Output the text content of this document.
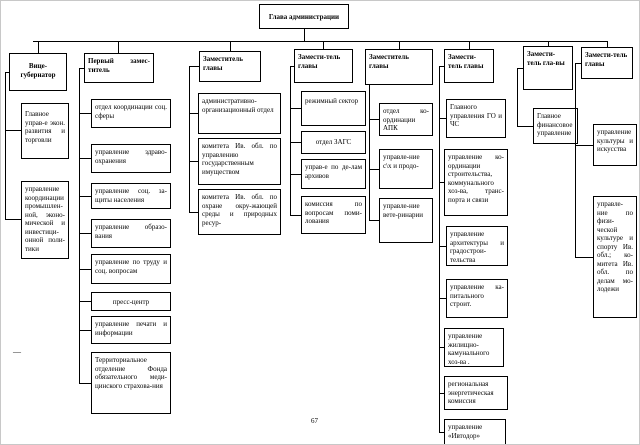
Глава администрации
Вице-губернатор
Главное управ-е экон. развития и торговли
управление координации промышлен-ной, эконо-мической и инвестици-онной поли-тики
Первый замес-титель
отдел координации соц. сферы
управление здраво-охранения
управление соц. за-щиты населения
управление образо-вания
управление по труду и соц. вопросам
пресс-центр
управление печати и информации
Территориальное отделение Фонда обязательного меди-цинского страхова-ния
Заместитель главы
административно-организационный отдел
комитета Ив. обл. по управлению государственным имуществом
комитета Ив. обл. по охране окру-жающей среды и природных ресур-
Замести-тель главы
режимный сектор
отдел ЗАГС
управ-е по де-лам архивов
комиссия по вопросам поми-лования
Заместитель главы
отдел ко-ординации АПК
управле-ние с\х и продо-
управле-ние вете-ринарии
Замести-тель главы
Главного управления ГО и ЧС
управление ко-ординации строительства, коммунального хоз-ва, транс-порта и связи
управление архитектуры и градострои-тельства
управление ка-питального строит.
управление жилищно-камунального хоз-ва .
региональная энергетическая комиссия
управление «Ивтодор»
Замести-тель гла-вы
Главное финансовое управление
Замести-тель главы
управление культуры и искусства
управле-ние по физи-ческой культуре и спорту Ив. обл.; ко-митета Ив. обл. по делам мо-лодежи
—
67
